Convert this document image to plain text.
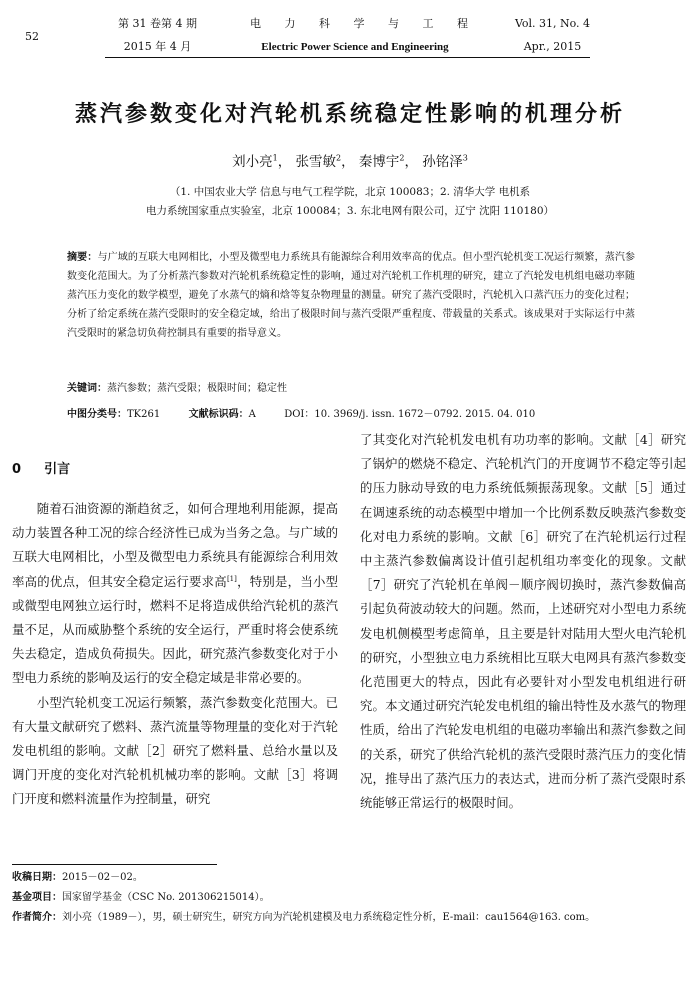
52
第 31 卷第 4 期
2015 年 4 月
电 力 科 学 与 工 程
Electric Power Science and Engineering
Vol. 31, No. 4
Apr., 2015
蒸汽参数变化对汽轮机系统稳定性影响的机理分析
刘小亮$^1$， 张雪敏$^2$， 秦博宇$^2$， 孙铭泽$^3$
（1. 中国农业大学 信息与电气工程学院，北京 100083；2. 清华大学 电机系
电力系统国家重点实验室，北京 100084；3. 东北电网有限公司，辽宁 沈阳 110180）
摘要：与广域的互联大电网相比，小型及微型电力系统具有能源综合利用效率高的优点。但小型汽轮机变工况运行频繁，蒸汽参数变化范围大。为了分析蒸汽参数对汽轮机系统稳定性的影响，通过对汽轮机工作机理的研究，建立了汽轮发电机组电磁功率随蒸汽压力变化的数学模型，避免了水蒸气的熵和焓等复杂物理量的测量。研究了蒸汽受限时，汽轮机入口蒸汽压力的变化过程；分析了给定系统在蒸汽受限时的安全稳定域，给出了极限时间与蒸汽受限严重程度、带载量的关系式。该成果对于实际运行中蒸汽受限时的紧急切负荷控制具有重要的指导意义。
关键词：蒸汽参数；蒸汽受限；极限时间；稳定性
中图分类号：TK261	文献标识码：A	DOI：10. 3969/j. issn. 1672－0792. 2015. 04. 010
0 引言

随着石油资源的渐趋贫乏，如何合理地利用能源，提高动力装置各种工况的综合经济性已成为当务之急。与广域的互联大电网相比，小型及微型电力系统具有能源综合利用效率高的优点，但其安全稳定运行要求高[1]，特别是，当小型或微型电网独立运行时，燃料不足将造成供给汽轮机的蒸汽量不足，从而威胁整个系统的安全运行，严重时将会使系统失去稳定，造成负荷损失。因此，研究蒸汽参数变化对于小型电力系统的影响及运行的安全稳定域是非常必要的。

小型汽轮机变工况运行频繁，蒸汽参数变化范围大。已有大量文献研究了燃料、蒸汽流量等物理量的变化对于汽轮发电机组的影响。文献［2］研究了燃料量、总给水量以及调门开度的变化对汽轮机机械功率的影响。文献［3］将调门开度和燃料流量作为控制量，研究

了其变化对汽轮机发电机有功功率的影响。文献［4］研究了锅炉的燃烧不稳定、汽轮机汽门的开度调节不稳定等引起的压力脉动导致的电力系统低频振荡现象。文献［5］通过在调速系统的动态模型中增加一个比例系数反映蒸汽参数变化对电力系统的影响。文献［6］研究了在汽轮机运行过程中主蒸汽参数偏离设计值引起机组功率变化的现象。文献［7］研究了汽轮机在单阀－顺序阀切换时，蒸汽参数偏高引起负荷波动较大的问题。然而，上述研究对小型电力系统发电机侧模型考虑简单，且主要是针对陆用大型火电汽轮机的研究，小型独立电力系统相比互联大电网具有蒸汽参数变化范围更大的特点，因此有必要针对小型发电机组进行研究。本文通过研究汽轮发电机组的输出特性及水蒸气的物理性质，给出了汽轮发电机组的电磁功率输出和蒸汽参数之间的关系，研究了供给汽轮机的蒸汽受限时蒸汽压力的变化情况，推导出了蒸汽压力的表达式，进而分析了蒸汽受限时系统能够正常运行的极限时间。

收稿日期：2015－02－02。
基金项目：国家留学基金（CSC No. 201306215014）。
作者简介：刘小亮（1989－），男，硕士研究生，研究方向为汽轮机建模及电力系统稳定性分析，E-mail：cau1564@163. com。
